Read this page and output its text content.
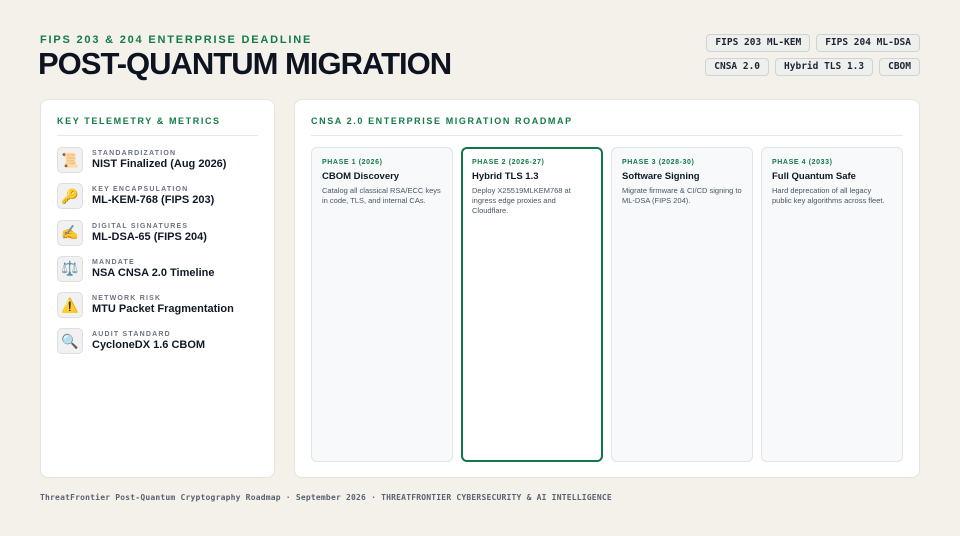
FIPS 203 & 204 ENTERPRISE DEADLINE
POST-QUANTUM MIGRATION
FIPS 203 ML-KEM	FIPS 204 ML-DSA
CNSA 2.0	Hybrid TLS 1.3	CBOM
KEY TELEMETRY & METRICS
📜	STANDARDIZATION
NIST Finalized (Aug 2026)
🔑	KEY ENCAPSULATION
ML-KEM-768 (FIPS 203)
✍️	DIGITAL SIGNATURES
ML-DSA-65 (FIPS 204)
⚖️	MANDATE
NSA CNSA 2.0 Timeline
⚠️	NETWORK RISK
MTU Packet Fragmentation
🔍	AUDIT STANDARD
CycloneDX 1.6 CBOM
CNSA 2.0 ENTERPRISE MIGRATION ROADMAP
PHASE 1 (2026)
CBOM Discovery
Catalog all classical RSA/ECC keys in code, TLS, and internal CAs.
PHASE 2 (2026-27)
Hybrid TLS 1.3
Deploy X25519MLKEM768 at ingress edge proxies and Cloudflare.
PHASE 3 (2028-30)
Software Signing
Migrate firmware & CI/CD signing to ML-DSA (FIPS 204).
PHASE 4 (2033)
Full Quantum Safe
Hard deprecation of all legacy public key algorithms across fleet.
ThreatFrontier Post-Quantum Cryptography Roadmap · September 2026 · THREATFRONTIER CYBERSECURITY & AI INTELLIGENCE
